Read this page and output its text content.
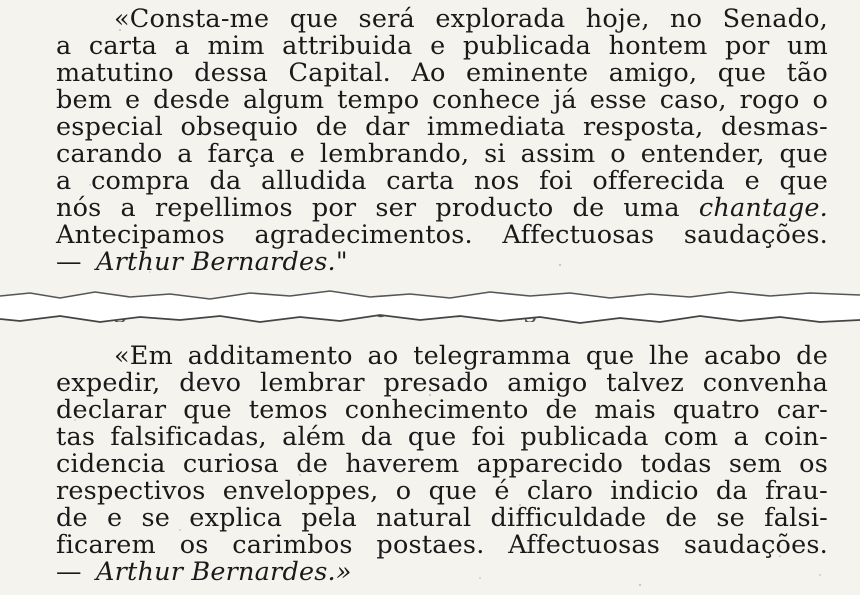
«Consta-me que será explorada hoje, no Senado,
a carta a mim attribuida e publicada hontem por um
matutino dessa Capital. Ao eminente amigo, que tão
bem e desde algum tempo conhece já esse caso, rogo o
especial obsequio de dar immediata resposta, desmas-
carando a farça e lembrando, si assim o entender, que
a compra da alludida carta nos foi offerecida e que
nós a repellimos por ser producto de uma chantage.
Antecipamos agradecimentos. Affectuosas saudações.
— Arthur Bernardes."
«Em additamento ao telegramma que lhe acabo de
expedir, devo lembrar presado amigo talvez convenha
declarar que temos conhecimento de mais quatro car-
tas falsificadas, além da que foi publicada com a coin-
cidencia curiosa de haverem apparecido todas sem os
respectivos enveloppes, o que é claro indicio da frau-
de e se explica pela natural difficuldade de se falsi-
ficarem os carimbos postaes. Affectuosas saudações.
— Arthur Bernardes.»
